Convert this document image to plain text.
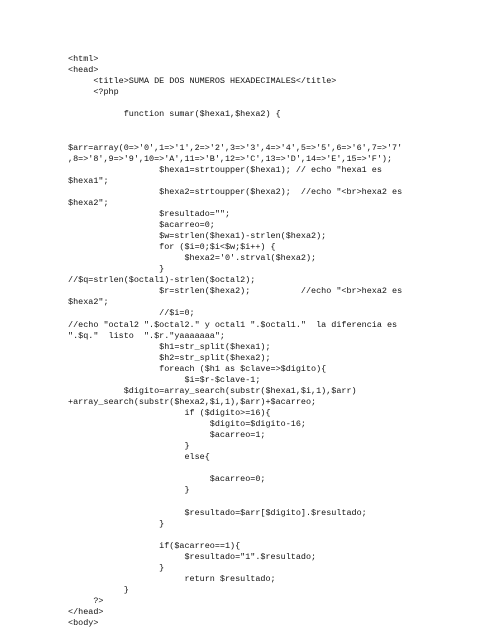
<html>
<head>
<title>SUMA DE DOS NUMEROS HEXADECIMALES</title>
<?php
function sumar($hexa1,$hexa2) {
$arr=array(0=>'0',1=>'1',2=>'2',3=>'3',4=>'4',5=>'5',6=>'6',7=>'7'
,8=>'8',9=>'9',10=>'A',11=>'B',12=>'C',13=>'D',14=>'E',15=>'F');
$hexa1=strtoupper($hexa1); // echo "hexa1 es
$hexa1";
$hexa2=strtoupper($hexa2);  //echo "<br>hexa2 es
$hexa2";
$resultado="";
$acarreo=0;
$w=strlen($hexa1)-strlen($hexa2);
for ($i=0;$i<$w;$i++) {
$hexa2='0'.strval($hexa2);
}
//$q=strlen($octal1)-strlen($octal2);
$r=strlen($hexa2);          //echo "<br>hexa2 es
$hexa2";
//$i=0;
//echo "octal2 ".$octal2." y octal1 ".$octal1."  la diferencia es
".$q."  listo  ".$r."yaaaaaaa";
$h1=str_split($hexa1);
$h2=str_split($hexa2);
foreach ($h1 as $clave=>$digito){
$i=$r-$clave-1;
$digito=array_search(substr($hexa1,$i,1),$arr)
+array_search(substr($hexa2,$i,1),$arr)+$acarreo;
if ($digito>=16){
$digito=$digito-16;
$acarreo=1;
}
else{
$acarreo=0;
}
$resultado=$arr[$digito].$resultado;
}
if($acarreo==1){
$resultado="1".$resultado;
}
return $resultado;
}
?>
</head>
<body>
